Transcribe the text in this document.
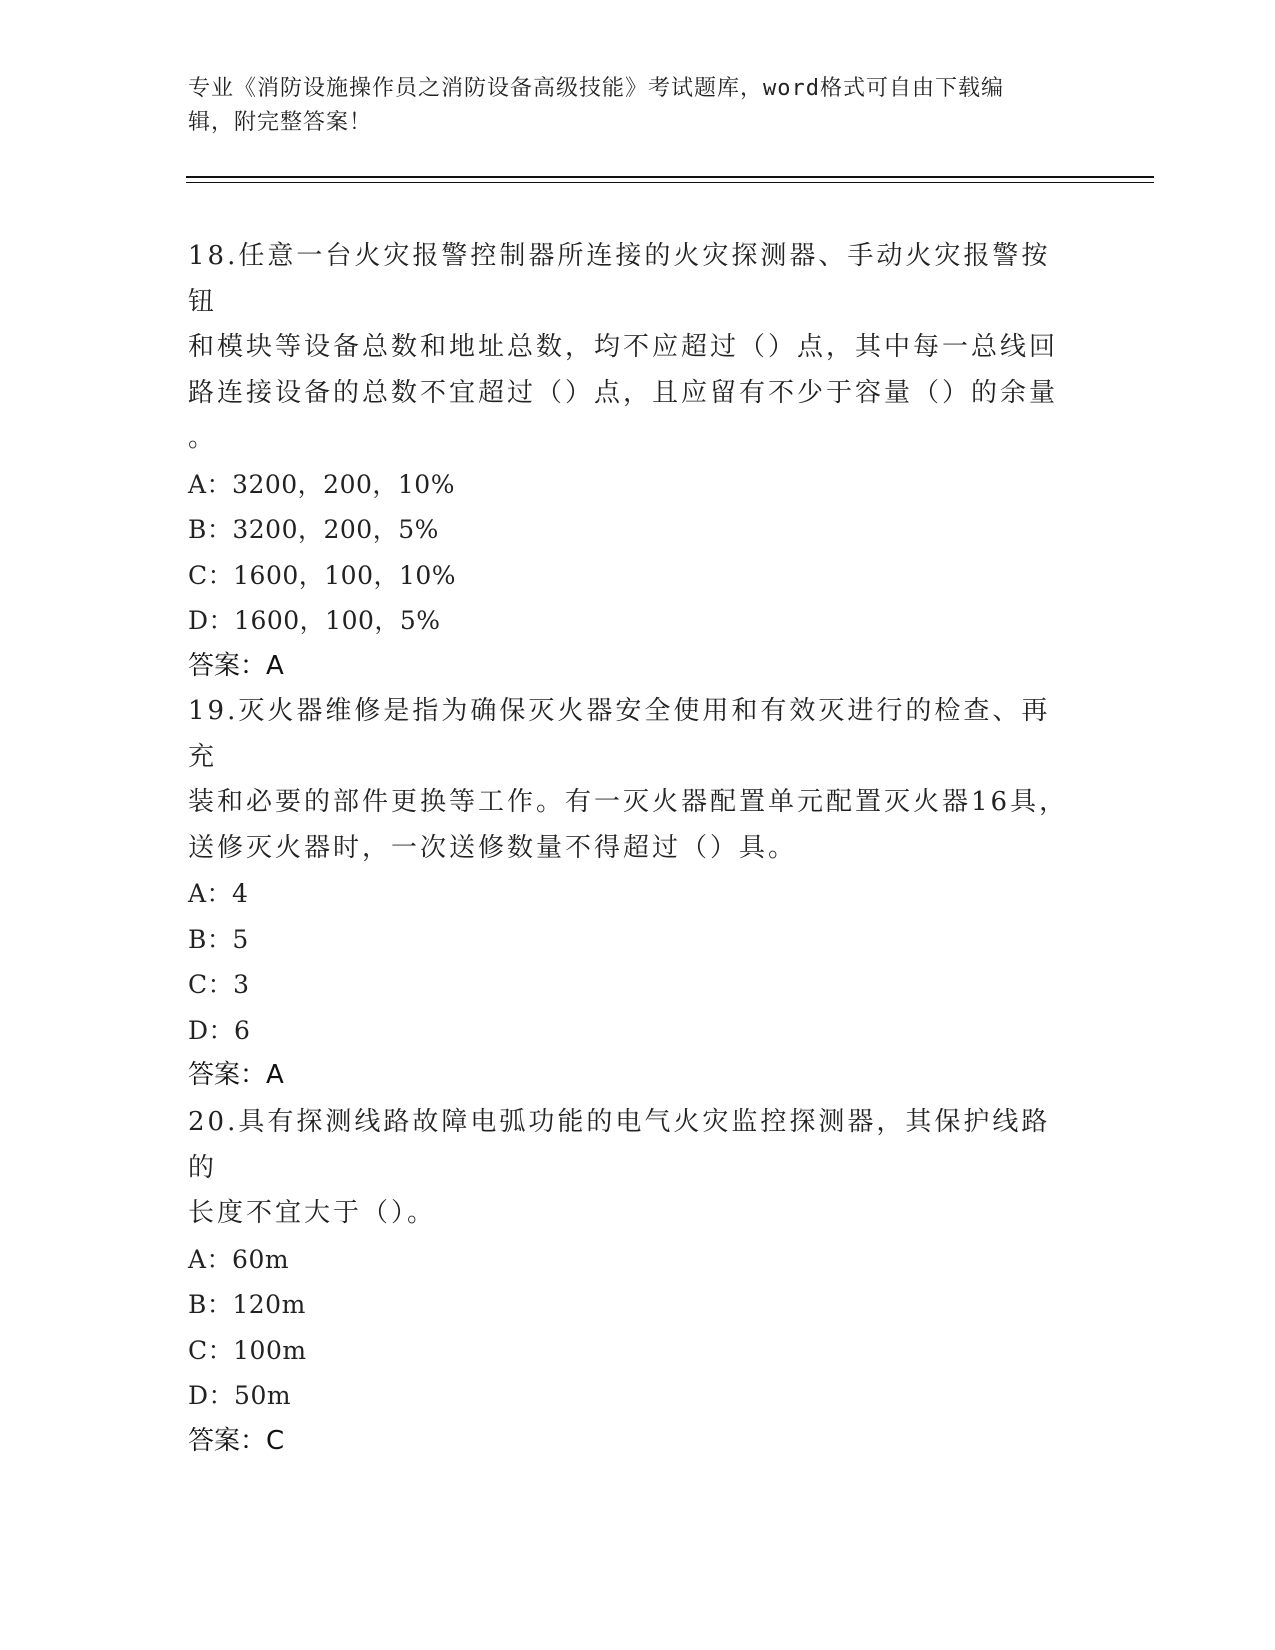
专业《消防设施操作员之消防设备高级技能》考试题库，word格式可自由下载编
辑，附完整答案！

18.任意一台火灾报警控制器所连接的火灾探测器、手动火灾报警按钮

和模块等设备总数和地址总数，均不应超过（）点，其中每一总线回

路连接设备的总数不宜超过（）点，且应留有不少于容量（）的余量

。

A：3200，200，10%

B：3200，200，5%

C：1600，100，10%

D：1600，100，5%

答案：A

19.灭火器维修是指为确保灭火器安全使用和有效灭进行的检查、再充

装和必要的部件更换等工作。有一灭火器配置单元配置灭火器16具，

送修灭火器时，一次送修数量不得超过（）具。

A：4

B：5

C：3

D：6

答案：A

20.具有探测线路故障电弧功能的电气火灾监控探测器，其保护线路的

长度不宜大于（）。

A：60m

B：120m

C：100m

D：50m

答案：C
